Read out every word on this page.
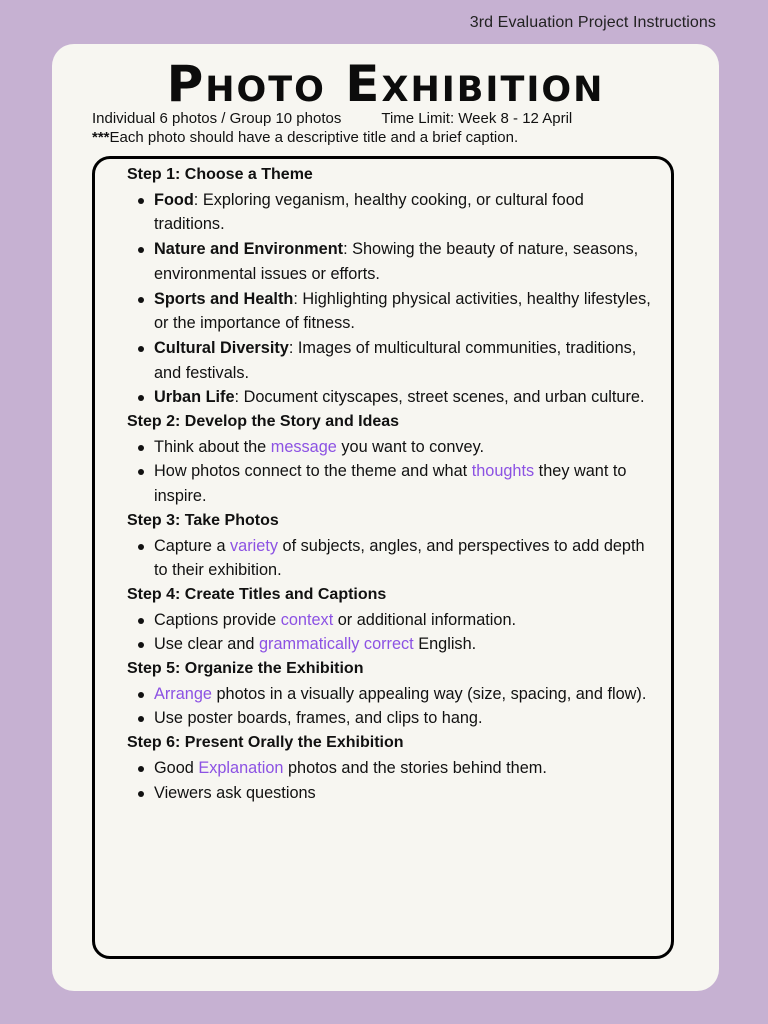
3rd Evaluation Project Instructions
Photo Exhibition
Individual 6 photos / Group 10 photos	Time Limit: Week 8 - 12 April
***Each photo should have a descriptive title and a brief caption.

Step 1: Choose a Theme

Food: Exploring veganism, healthy cooking, or cultural food traditions.
Nature and Environment: Showing the beauty of nature, seasons, environmental issues or efforts.
Sports and Health: Highlighting physical activities, healthy lifestyles, or the importance of fitness.
Cultural Diversity: Images of multicultural communities, traditions, and festivals.
Urban Life: Document cityscapes, street scenes, and urban culture.

Step 2: Develop the Story and Ideas

Think about the message you want to convey.
How photos connect to the theme and what thoughts they want to inspire.

Step 3: Take Photos

Capture a variety of subjects, angles, and perspectives to add depth to their exhibition.

Step 4: Create Titles and Captions

Captions provide context or additional information.
Use clear and grammatically correct English.

Step 5: Organize the Exhibition

Arrange photos in a visually appealing way (size, spacing, and flow).
Use poster boards, frames, and clips to hang.

Step 6: Present Orally the Exhibition

Good Explanation photos and the stories behind them.
Viewers ask questions
